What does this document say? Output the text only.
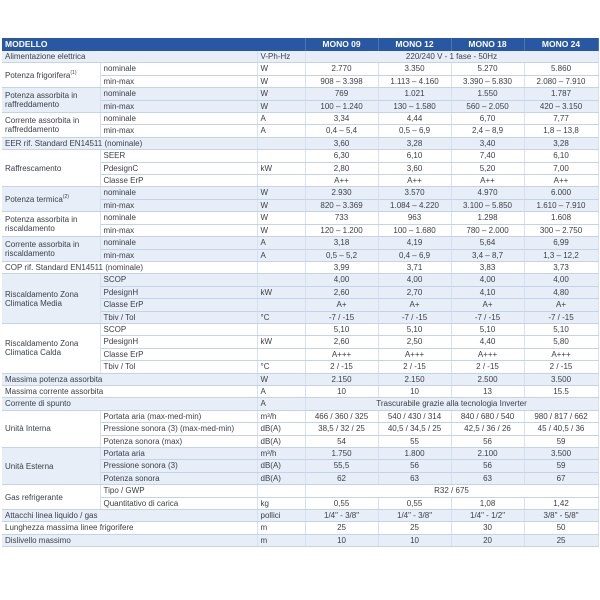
MODELLO			MONO 09	MONO 12	MONO 18	MONO 24
Alimentazione elettrica		V-Ph-Hz	220/240 V - 1 fase - 50Hz			
Potenza frigorifera$^{(1)}$	nominale	W	2.770	3.350	5.270	5.860
	min-max	W	908 – 3.398	1.113 – 4.160	3.390 – 5.830	2.080 – 7.910
Potenza assorbita in raffreddamento	nominale	W	769	1.021	1.550	1.787
	min-max	W	100 – 1.240	130 – 1.580	560 – 2.050	420 – 3.150
Corrente assorbita in raffreddamento	nominale	A	3,34	4,44	6,70	7,77
	min-max	A	0,4 – 5,4	0,5 – 6,9	2,4 – 8,9	1,8 – 13,8
EER rif. Standard EN14511 (nominale)			3,60	3,28	3,40	3,28
Raffrescamento	SEER		6,30	6,10	7,40	6,10
	PdesignC	kW	2,80	3,60	5,20	7,00
	Classe ErP		A++	A++	A++	A++
Potenza termica$^{(2)}$	nominale	W	2.930	3.570	4.970	6.000
	min-max	W	820 – 3.369	1.084 – 4.220	3.100 – 5.850	1.610 – 7.910
Potenza assorbita in riscaldamento	nominale	W	733	963	1.298	1.608
	min-max	W	120 – 1.200	100 – 1.680	780 – 2.000	300 – 2.750
Corrente assorbita in riscaldamento	nominale	A	3,18	4,19	5,64	6,99
	min-max	A	0,5 – 5,2	0,4 – 6,9	3,4 – 8,7	1,3 – 12,2
COP rif. Standard EN14511 (nominale)			3,99	3,71	3,83	3,73
Riscaldamento Zona Climatica Media	SCOP		4,00	4,00	4,00	4,00
	PdesignH	kW	2,60	2,70	4,10	4,80
	Classe ErP		A+	A+	A+	A+
	Tbiv / Tol	°C	-7 / -15	-7 / -15	-7 / -15	-7 / -15
Riscaldamento Zona Climatica Calda	SCOP		5,10	5,10	5,10	5,10
	PdesignH	kW	2,60	2,50	4,40	5,80
	Classe ErP		A+++	A+++	A+++	A+++
	Tbiv / Tol	°C	2 / -15	2 / -15	2 / -15	2 / -15
Massima potenza assorbita		W	2.150	2.150	2.500	3.500
Massima corrente assorbita		A	10	10	13	15.5
Corrente di spunto		A	Trascurabile grazie alla tecnologia Inverter			
Unità Interna	Portata aria (max-med-min)	m³/h	466 / 360 / 325	540 / 430 / 314	840 / 680 / 540	980 / 817 / 662
	Pressione sonora (3) (max-med-min)	dB(A)	38,5 / 32 / 25	40,5 / 34,5 / 25	42,5 / 36 / 26	45 / 40,5 / 36
	Potenza sonora (max)	dB(A)	54	55	56	59
Unità Esterna	Portata aria	m³/h	1.750	1.800	2.100	3.500
	Pressione sonora (3)	dB(A)	55,5	56	56	59
	Potenza sonora	dB(A)	62	63	63	67
Gas refrigerante	Tipo / GWP		R32 / 675			
	Quantitativo di carica	kg	0,55	0,55	1,08	1,42
Attacchi linea liquido / gas		pollici	1/4" - 3/8"	1/4" - 3/8"	1/4" - 1/2"	3/8" - 5/8"
Lunghezza massima linee frigorifere		m	25	25	30	50
Dislivello massimo		m	10	10	20	25
